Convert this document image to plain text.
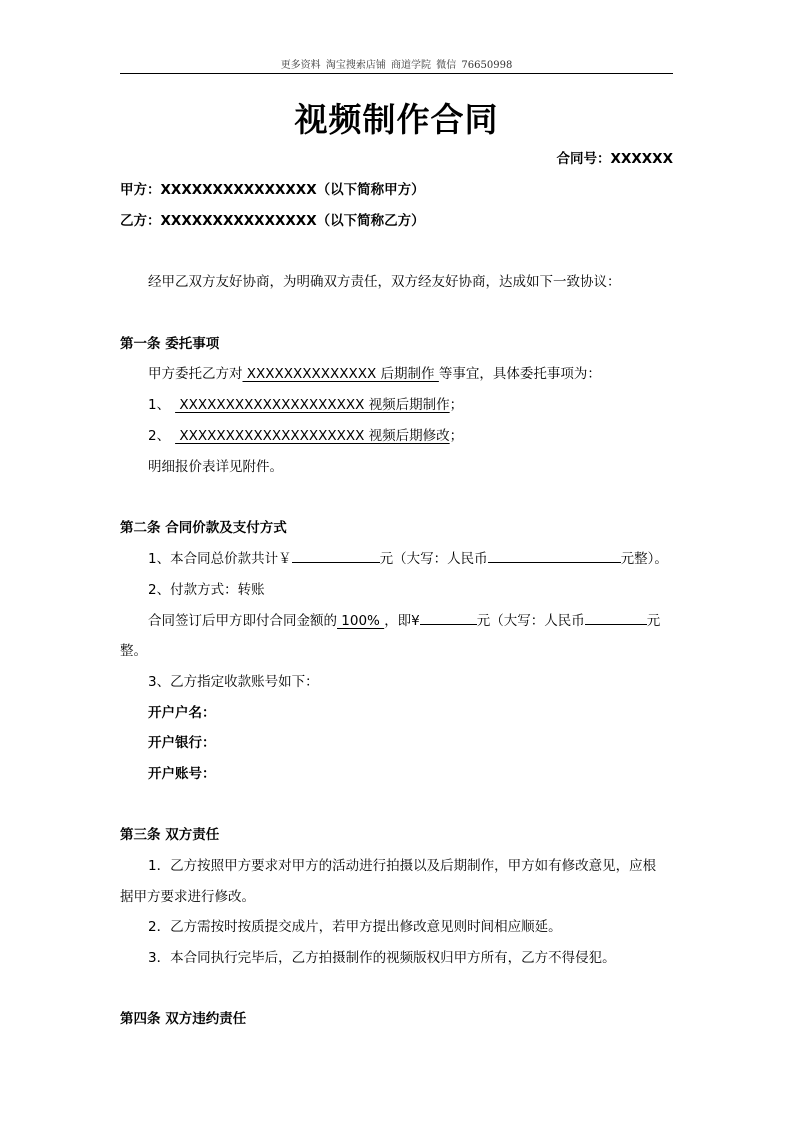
更多资料 淘宝搜索店铺 商道学院 微信 76650998
视频制作合同
合同号：XXXXXX
甲方：XXXXXXXXXXXXXXX（以下简称甲方）
乙方：XXXXXXXXXXXXXXX（以下简称乙方）
经甲乙双方友好协商，为明确双方责任，双方经友好协商，达成如下一致协议：
第一条 委托事项
甲方委托乙方对 XXXXXXXXXXXXXX 后期制作 等事宜，具体委托事项为：
1、 XXXXXXXXXXXXXXXXXXXX 视频后期制作；
2、 XXXXXXXXXXXXXXXXXXXX 视频后期修改；
明细报价表详见附件。
第二条 合同价款及支付方式
1、本合同总价款共计￥	元（大写：人民币	元整）。
2、付款方式：转账
合同签订后甲方即付合同金额的 100% ，即¥	元（大写：人民币	元
整。
3、乙方指定收款账号如下：
开户户名：
开户银行：
开户账号：
第三条 双方责任
1．乙方按照甲方要求对甲方的活动进行拍摄以及后期制作，甲方如有修改意见，应根
据甲方要求进行修改。
2．乙方需按时按质提交成片，若甲方提出修改意见则时间相应顺延。
3．本合同执行完毕后，乙方拍摄制作的视频版权归甲方所有，乙方不得侵犯。
第四条 双方违约责任
